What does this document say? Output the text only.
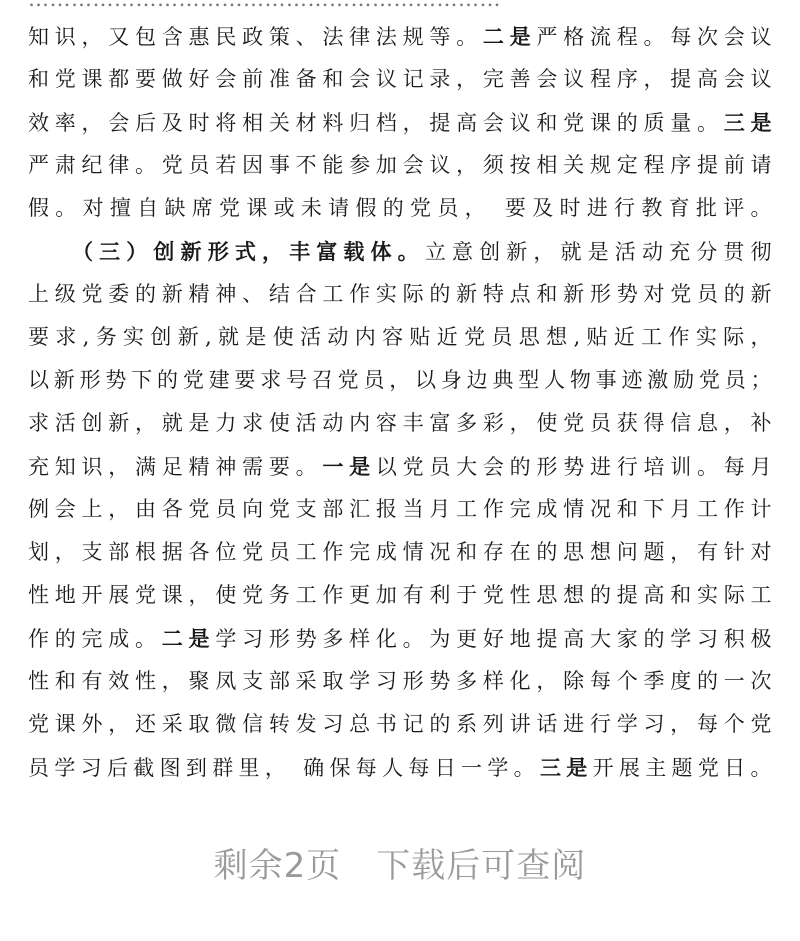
知识，又包含惠民政策、法律法规等。二是严格流程。每次会议
和党课都要做好会前准备和会议记录，完善会议程序，提高会议
效率，会后及时将相关材料归档，提高会议和党课的质量。三是
严肃纪律。党员若因事不能参加会议，须按相关规定程序提前请
假。对擅自缺席党课或未请假的党员， 要及时进行教育批评。
（三）创新形式，丰富载体。立意创新，就是活动充分贯彻
上级党委的新精神、结合工作实际的新特点和新形势对党员的新
要求,务实创新,就是使活动内容贴近党员思想,贴近工作实际，
以新形势下的党建要求号召党员，以身边典型人物事迹激励党员；
求活创新，就是力求使活动内容丰富多彩，使党员获得信息，补
充知识，满足精神需要。一是以党员大会的形势进行培训。每月
例会上，由各党员向党支部汇报当月工作完成情况和下月工作计
划，支部根据各位党员工作完成情况和存在的思想问题，有针对
性地开展党课，使党务工作更加有利于党性思想的提高和实际工
作的完成。二是学习形势多样化。为更好地提高大家的学习积极
性和有效性，聚凤支部采取学习形势多样化，除每个季度的一次
党课外，还采取微信转发习总书记的系列讲话进行学习，每个党
员学习后截图到群里， 确保每人每日一学。三是开展主题党日。
剩余2页　下载后可查阅
